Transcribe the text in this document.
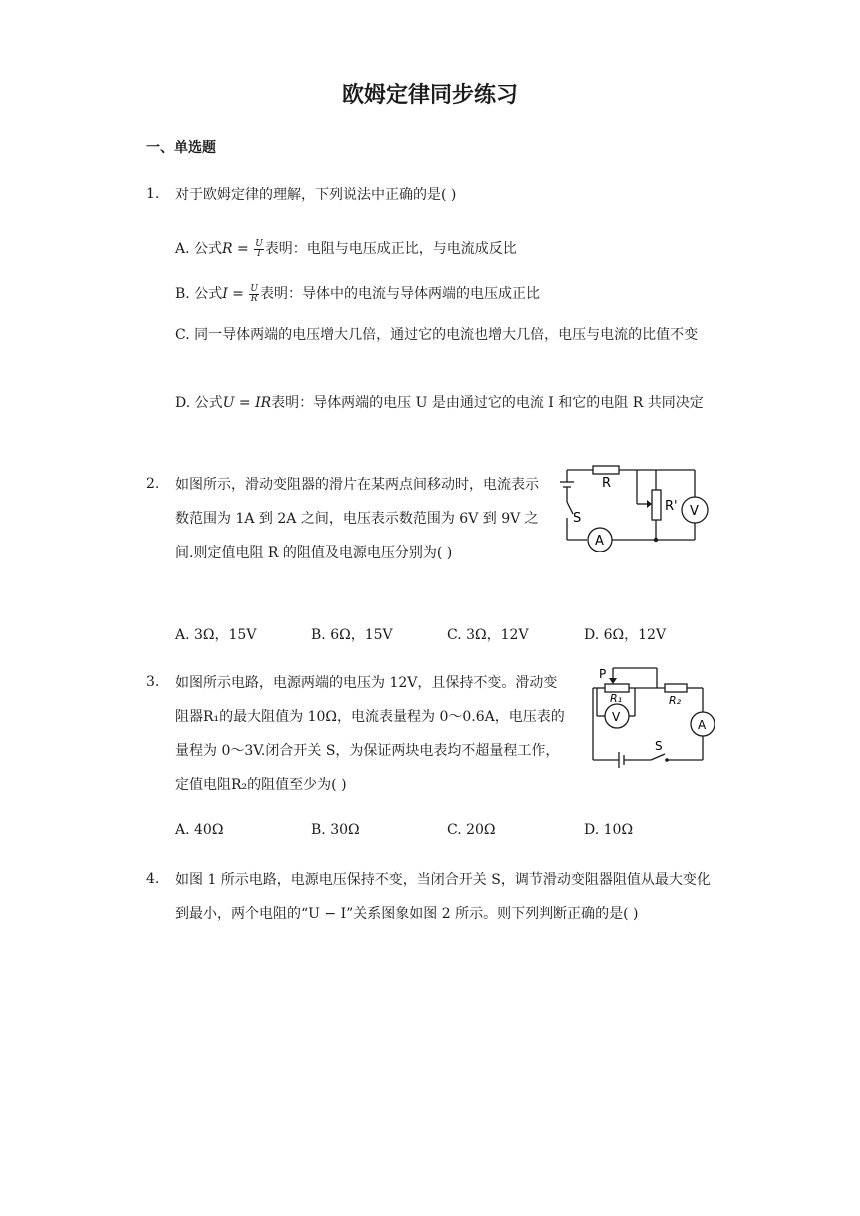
欧姆定律同步练习
一、单选题
1. 对于欧姆定律的理解，下列说法中正确的是( )
A. 公式$R = \frac{U}{I}$ 表明：电阻与电压成正比，与电流成反比
B. 公式$I = \frac{U}{R}$ 表明：导体中的电流与导体两端的电压成正比
C. 同一导体两端的电压增大几倍，通过它的电流也增大几倍，电压与电流的比值不变
D. 公式U = IR表明：导体两端的电压 U 是由通过它的电流 I 和它的电阻 R 共同决定
2. 如图所示，滑动变阻器的滑片在某两点间移动时，电流表示数范围为 1A 到 2A 之间，电压表示数范围为 6V 到 9V 之间.则定值电阻 R 的阻值及电源电压分别为( )
R
R'
S
A
V
A. 3Ω，15V	B. 6Ω，15V	C. 3Ω，12V	D. 6Ω，12V
3. 如图所示电路，电源两端的电压为 12V，且保持不变。滑动变阻器R₁的最大阻值为 10Ω，电流表量程为 0～0.6A，电压表的量程为 0～3V.闭合开关 S，为保证两块电表均不超量程工作，定值电阻R₂的阻值至少为( )
P
R₁	R₂
V
A
S
A. 40Ω	B. 30Ω	C. 20Ω	D. 10Ω
4. 如图 1 所示电路，电源电压保持不变，当闭合开关 S，调节滑动变阻器阻值从最大变化到最小，两个电阻的“U − I”关系图象如图 2 所示。则下列判断正确的是( )
